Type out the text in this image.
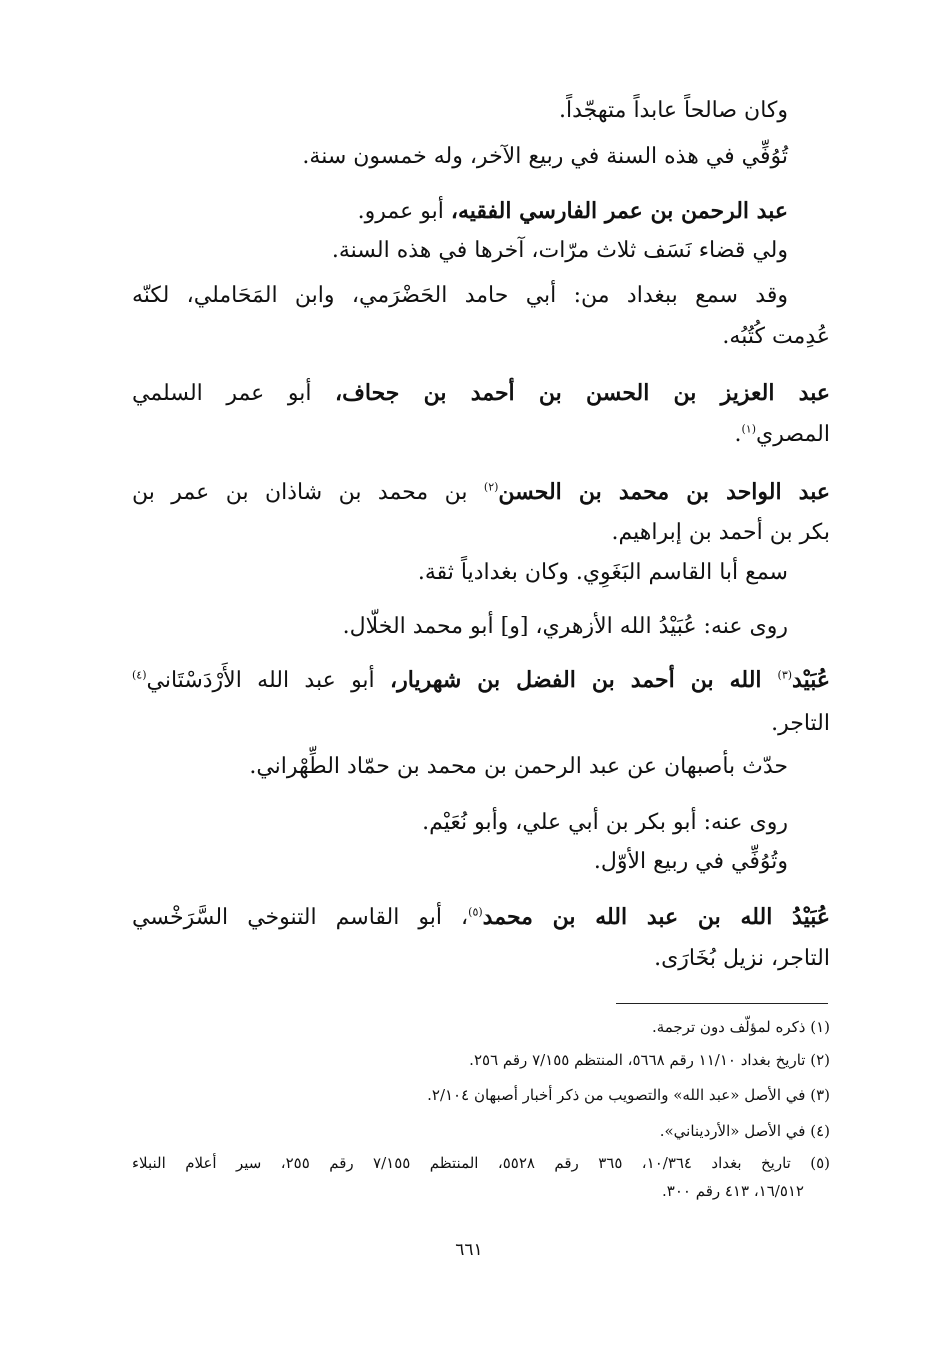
وكان صالحاً عابداً متهجّداً.
تُوُفِّي في هذه السنة في ربيع الآخر، وله خمسون سنة.
عبد الرحمن بن عمر الفارسي الفقيه، أبو عمرو.
ولي قضاء نَسَف ثلاث مرّات، آخرها في هذه السنة.
وقد سمع ببغداد من: أبي حامد الحَضْرَمي، وابن المَحَاملي، لكنّه
عُدِمت كُتُبُه.
عبد العزيز بن الحسن بن أحمد بن جحاف، أبو عمر السلمي
المصري$^{(١)}$.
عبد الواحد بن محمد بن الحسن$^{(٢)}$ بن محمد بن شاذان بن عمر بن
بكر بن أحمد بن إبراهيم.
سمع أبا القاسم البَغَوِي. وكان بغدادياً ثقة.
روى عنه: عُبَيْدُ الله الأزهري، [و] أبو محمد الخلّال.
عُبَيْد$^{(٣)}$ الله بن أحمد بن الفضل بن شهريار، أبو عبد الله الأَرْدَسْتَاني$^{(٤)}$
التاجر.
حدّث بأصبهان عن عبد الرحمن بن محمد بن حمّاد الطِّهْراني.
روى عنه: أبو بكر بن أبي علي، وأبو نُعَيْم.
وتُوُفِّي في ربيع الأوّل.
عُبَيْدُ الله بن عبد الله بن محمد$^{(٥)}$، أبو القاسم التنوخي السَّرَخْسي
التاجر، نزيل بُخَارَى.
(١) ذكره لمؤلّف دون ترجمة.
(٢) تاريخ بغداد ١١/١٠ رقم ٥٦٦٨، المنتظم ٧/١٥٥ رقم ٢٥٦.
(٣) في الأصل «عبد الله» والتصويب من ذكر أخبار أصبهان ٢/١٠٤.
(٤) في الأصل «الأرديناني».
(٥) تاريخ بغداد ١٠/٣٦٤، ٣٦٥ رقم ٥٥٢٨، المنتظم ٧/١٥٥ رقم ٢٥٥، سير أعلام النبلاء
١٦/٥١٢، ٤١٣ رقم ٣٠٠.
٦٦١
